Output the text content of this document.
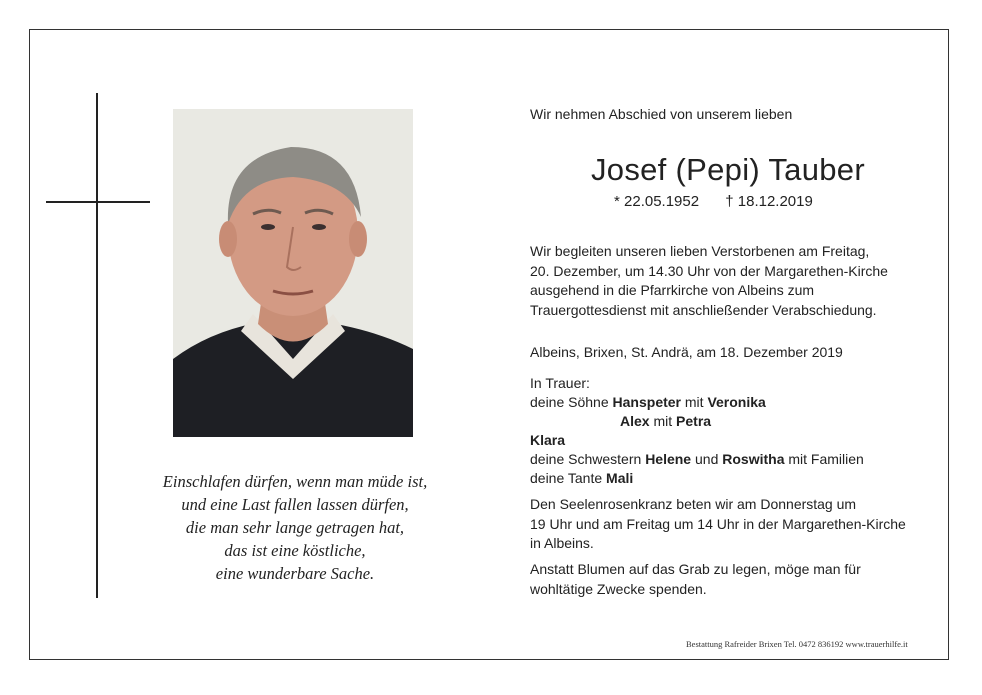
Einschlafen dürfen, wenn man müde ist,
und eine Last fallen lassen dürfen,
die man sehr lange getragen hat,
das ist eine köstliche,
eine wunderbare Sache.
Wir nehmen Abschied von unserem lieben
Josef (Pepi) Tauber
* 22.05.1952 † 18.12.2019
Wir begleiten unseren lieben Verstorbenen am Freitag,
20. Dezember, um 14.30 Uhr von der Margarethen-Kirche
ausgehend in die Pfarrkirche von Albeins zum
Trauergottesdienst mit anschließender Verabschiedung.
Albeins, Brixen, St. Andrä, am 18. Dezember 2019
In Trauer:
deine Söhne Hanspeter mit Veronika
Alex mit Petra
Klara
deine Schwestern Helene und Roswitha mit Familien
deine Tante Mali
Den Seelenrosenkranz beten wir am Donnerstag um
19 Uhr und am Freitag um 14 Uhr in der Margarethen-Kirche
in Albeins.
Anstatt Blumen auf das Grab zu legen, möge man für
wohltätige Zwecke spenden.
Bestattung Rafreider Brixen Tel. 0472 836192 www.trauerhilfe.it
